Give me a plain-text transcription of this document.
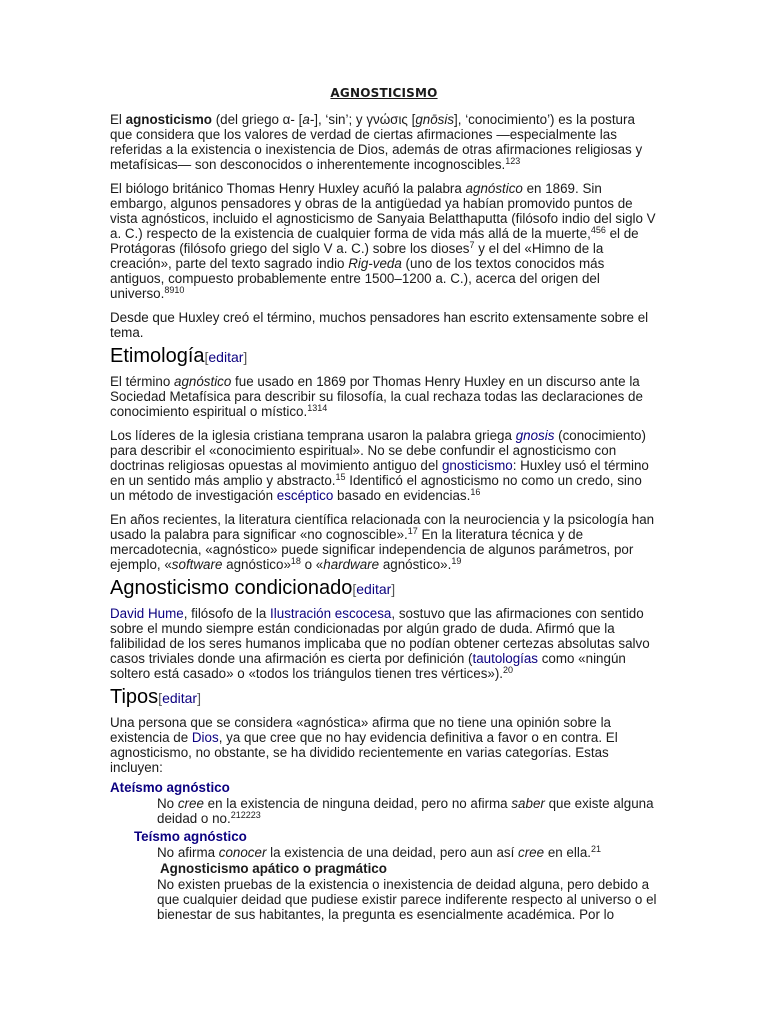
AGNOSTICISMO

El agnosticismo (del griego α- [a-], ‘sin’; y γνώσις [gnōsis], ‘conocimiento’) es la postura que considera que los valores de verdad de ciertas afirmaciones —especialmente las referidas a la existencia o inexistencia de Dios, además de otras afirmaciones religiosas y metafísicas— son desconocidos o inherentemente incognoscibles.$^{123}$

El biólogo británico Thomas Henry Huxley acuñó la palabra agnóstico en 1869. Sin embargo, algunos pensadores y obras de la antigüedad ya habían promovido puntos de vista agnósticos, incluido el agnosticismo de Sanyaia Belatthaputta (filósofo indio del siglo V a. C.) respecto de la existencia de cualquier forma de vida más allá de la muerte,$^{456}$ el de Protágoras (filósofo griego del siglo V a. C.) sobre los dioses$^7$ y el del «Himno de la creación», parte del texto sagrado indio Rig-veda (uno de los textos conocidos más antiguos, compuesto probablemente entre 1500–1200 a. C.), acerca del origen del universo.$^{8910}$

Desde que Huxley creó el término, muchos pensadores han escrito extensamente sobre el tema.

Etimología[editar]

El término agnóstico fue usado en 1869 por Thomas Henry Huxley en un discurso ante la Sociedad Metafísica para describir su filosofía, la cual rechaza todas las declaraciones de conocimiento espiritual o místico.$^{1314}$

Los líderes de la iglesia cristiana temprana usaron la palabra griega gnosis (conocimiento) para describir el «conocimiento espiritual». No se debe confundir el agnosticismo con doctrinas religiosas opuestas al movimiento antiguo del gnosticismo: Huxley usó el término en un sentido más amplio y abstracto.$^{15}$ Identificó el agnosticismo no como un credo, sino un método de investigación escéptico basado en evidencias.$^{16}$

En años recientes, la literatura científica relacionada con la neurociencia y la psicología han usado la palabra para significar «no cognoscible».$^{17}$ En la literatura técnica y de mercadotecnia, «agnóstico» puede significar independencia de algunos parámetros, por ejemplo, «software agnóstico»$^{18}$ o «hardware agnóstico».$^{19}$

Agnosticismo condicionado[editar]

David Hume, filósofo de la Ilustración escocesa, sostuvo que las afirmaciones con sentido sobre el mundo siempre están condicionadas por algún grado de duda. Afirmó que la falibilidad de los seres humanos implicaba que no podían obtener certezas absolutas salvo casos triviales donde una afirmación es cierta por definición (tautologías como «ningún soltero está casado» o «todos los triángulos tienen tres vértices»).$^{20}$

Tipos[editar]

Una persona que se considera «agnóstica» afirma que no tiene una opinión sobre la existencia de Dios, ya que cree que no hay evidencia definitiva a favor o en contra. El agnosticismo, no obstante, se ha dividido recientemente en varias categorías. Estas incluyen:

Ateísmo agnóstico
No cree en la existencia de ninguna deidad, pero no afirma saber que existe alguna deidad o no.$^{212223}$
Teísmo agnóstico
No afirma conocer la existencia de una deidad, pero aun así cree en ella.$^{21}$
Agnosticismo apático o pragmático
No existen pruebas de la existencia o inexistencia de deidad alguna, pero debido a que cualquier deidad que pudiese existir parece indiferente respecto al universo o el bienestar de sus habitantes, la pregunta es esencialmente académica. Por lo
